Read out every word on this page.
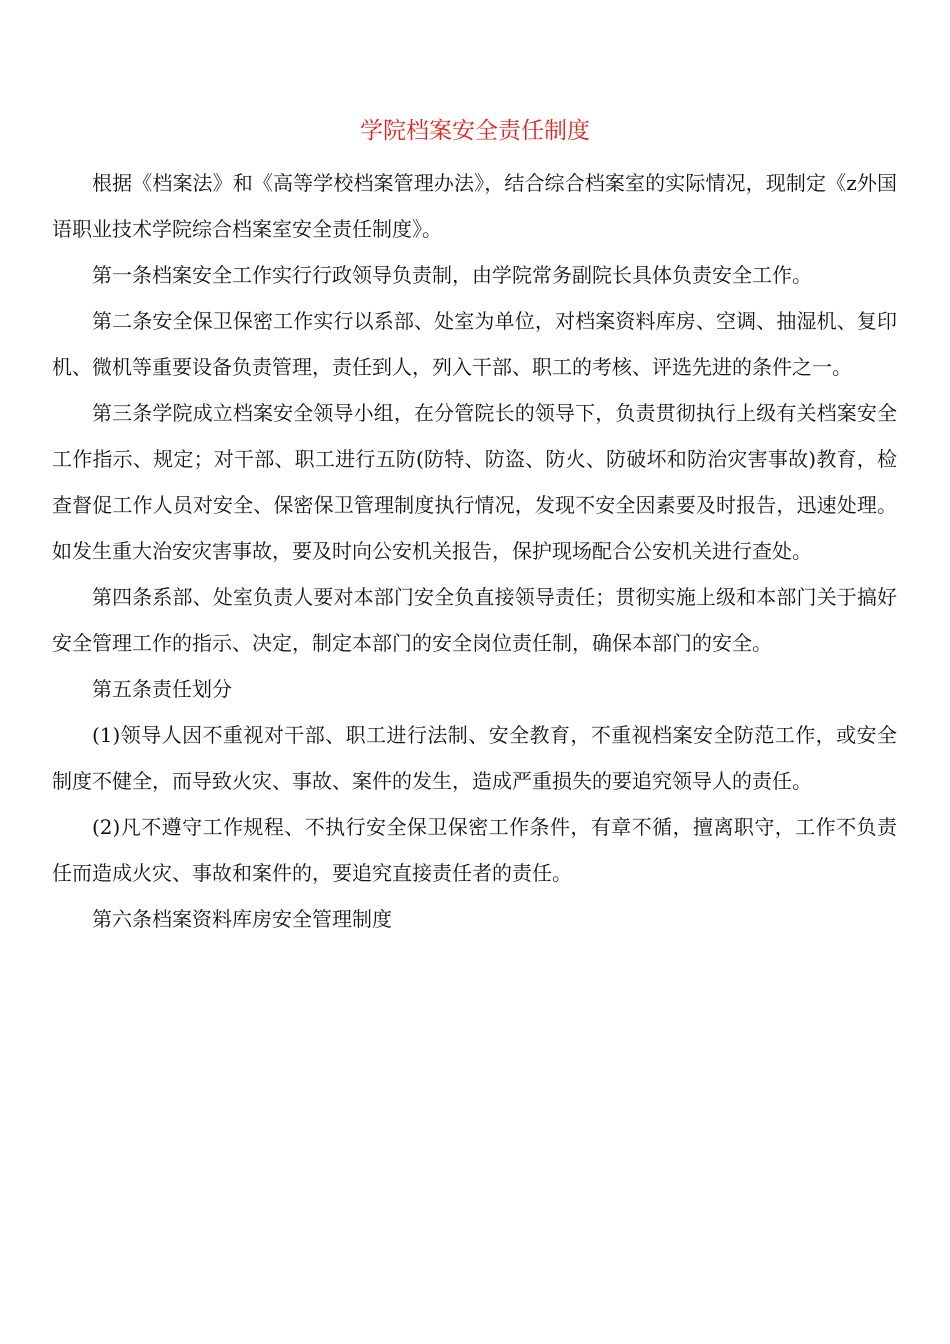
学院档案安全责任制度

根据《档案法》和《高等学校档案管理办法》，结合综合档案室的实际情况，现制定《z外国语职业技术学院综合档案室安全责任制度》。

第一条档案安全工作实行行政领导负责制，由学院常务副院长具体负责安全工作。

第二条安全保卫保密工作实行以系部、处室为单位，对档案资料库房、空调、抽湿机、复印机、微机等重要设备负责管理，责任到人，列入干部、职工的考核、评选先进的条件之一。

第三条学院成立档案安全领导小组，在分管院长的领导下，负责贯彻执行上级有关档案安全工作指示、规定；对干部、职工进行五防(防特、防盗、防火、防破坏和防治灾害事故)教育，检查督促工作人员对安全、保密保卫管理制度执行情况，发现不安全因素要及时报告，迅速处理。如发生重大治安灾害事故，要及时向公安机关报告，保护现场配合公安机关进行查处。

第四条系部、处室负责人要对本部门安全负直接领导责任；贯彻实施上级和本部门关于搞好安全管理工作的指示、决定，制定本部门的安全岗位责任制，确保本部门的安全。

第五条责任划分

(1)领导人因不重视对干部、职工进行法制、安全教育，不重视档案安全防范工作，或安全制度不健全，而导致火灾、事故、案件的发生，造成严重损失的要追究领导人的责任。

(2)凡不遵守工作规程、不执行安全保卫保密工作条件，有章不循，擅离职守，工作不负责任而造成火灾、事故和案件的，要追究直接责任者的责任。

第六条档案资料库房安全管理制度
